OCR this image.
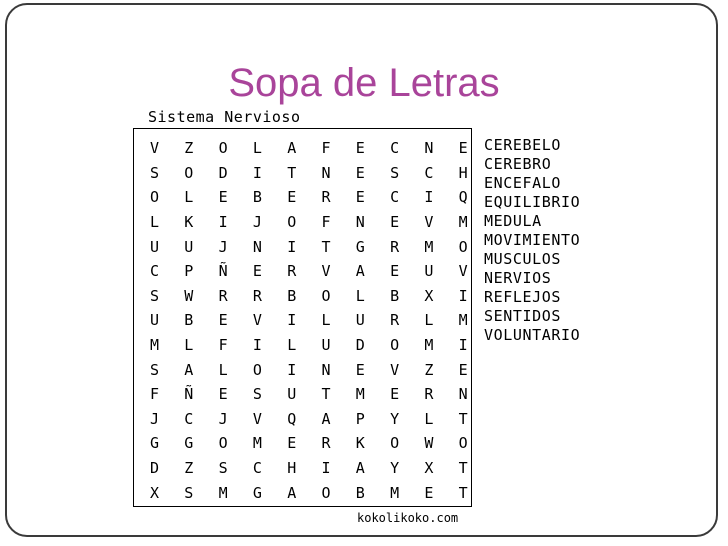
Sopa de Letras
Sistema Nervioso
V	Z	O	L	A	F	E	C	N	E
S	O	D	I	T	N	E	S	C	H
O	L	E	B	E	R	E	C	I	Q
L	K	I	J	O	F	N	E	V	M
U	U	J	N	I	T	G	R	M	O
C	P	Ñ	E	R	V	A	E	U	V
S	W	R	R	B	O	L	B	X	I
U	B	E	V	I	L	U	R	L	M
M	L	F	I	L	U	D	O	M	I
S	A	L	O	I	N	E	V	Z	E
F	Ñ	E	S	U	T	M	E	R	N
J	C	J	V	Q	A	P	Y	L	T
G	G	O	M	E	R	K	O	W	O
D	Z	S	C	H	I	A	Y	X	T
X	S	M	G	A	O	B	M	E	T
CEREBELO
CEREBRO
ENCEFALO
EQUILIBRIO
MEDULA
MOVIMIENTO
MUSCULOS
NERVIOS
REFLEJOS
SENTIDOS
VOLUNTARIO
kokolikoko.com
